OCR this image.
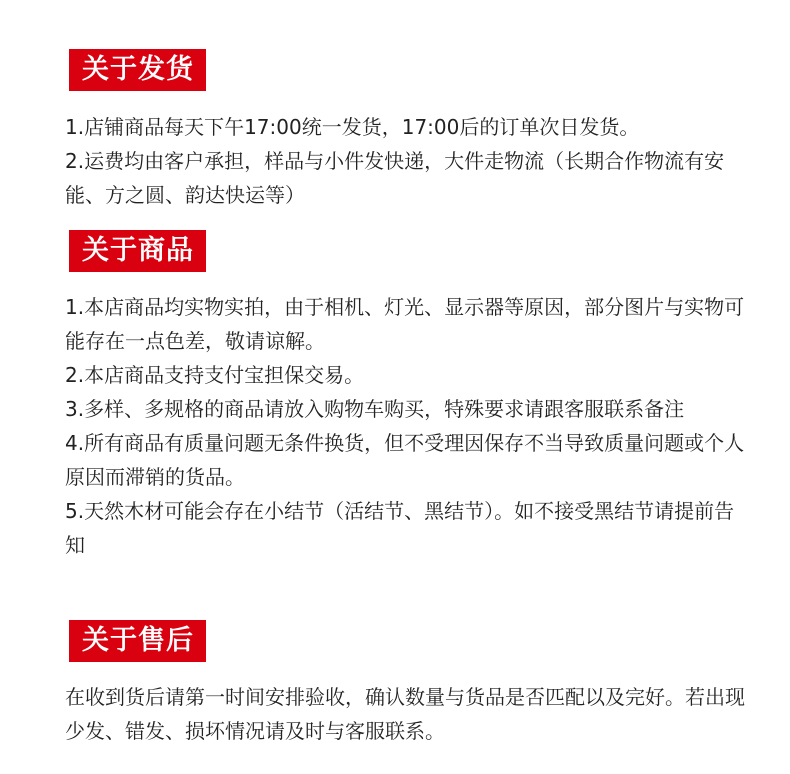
关于发货

1.店铺商品每天下午17:00统一发货，17:00后的订单次日发货。

2.运费均由客户承担，样品与小件发快递，大件走物流（长期合作物流有安能、方之圆、韵达快运等）

关于商品

1.本店商品均实物实拍，由于相机、灯光、显示器等原因，部分图片与实物可能存在一点色差，敬请谅解。

2.本店商品支持支付宝担保交易。

3.多样、多规格的商品请放入购物车购买，特殊要求请跟客服联系备注

4.所有商品有质量问题无条件换货，但不受理因保存不当导致质量问题或个人原因而滞销的货品。

5.天然木材可能会存在小结节（活结节、黑结节）。如不接受黑结节请提前告知

关于售后

在收到货后请第一时间安排验收，确认数量与货品是否匹配以及完好。若出现少发、错发、损坏情况请及时与客服联系。
